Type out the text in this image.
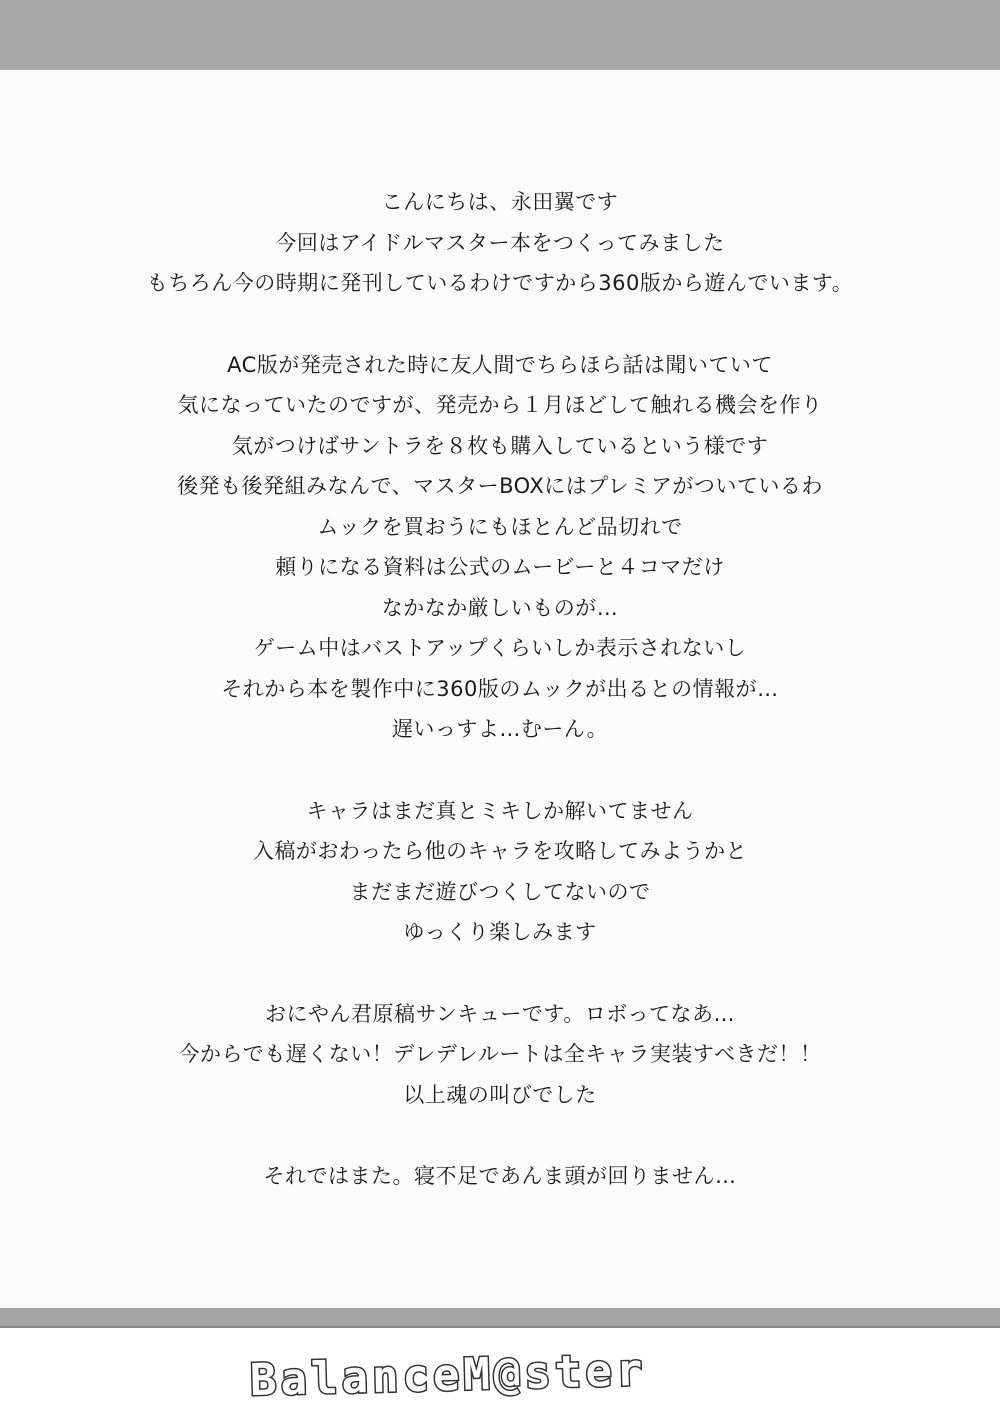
こんにちは、永田翼です
今回はアイドルマスター本をつくってみました
もちろん今の時期に発刊しているわけですから360版から遊んでいます。
AC版が発売された時に友人間でちらほら話は聞いていて
気になっていたのですが、発売から１月ほどして触れる機会を作り
気がつけばサントラを８枚も購入しているという様です
後発も後発組みなんで、マスターBOXにはプレミアがついているわ
ムックを買おうにもほとんど品切れで
頼りになる資料は公式のムービーと４コマだけ
なかなか厳しいものが…
ゲーム中はバストアップくらいしか表示されないし
それから本を製作中に360版のムックが出るとの情報が…
遅いっすよ…むーん。
キャラはまだ真とミキしか解いてません
入稿がおわったら他のキャラを攻略してみようかと
まだまだ遊びつくしてないので
ゆっくり楽しみます
おにやん君原稿サンキューです。ロボってなあ…
今からでも遅くない！デレデレルートは全キャラ実装すべきだ！！
以上魂の叫びでした
それではまた。寝不足であんま頭が回りません…
BalanceM@ster
